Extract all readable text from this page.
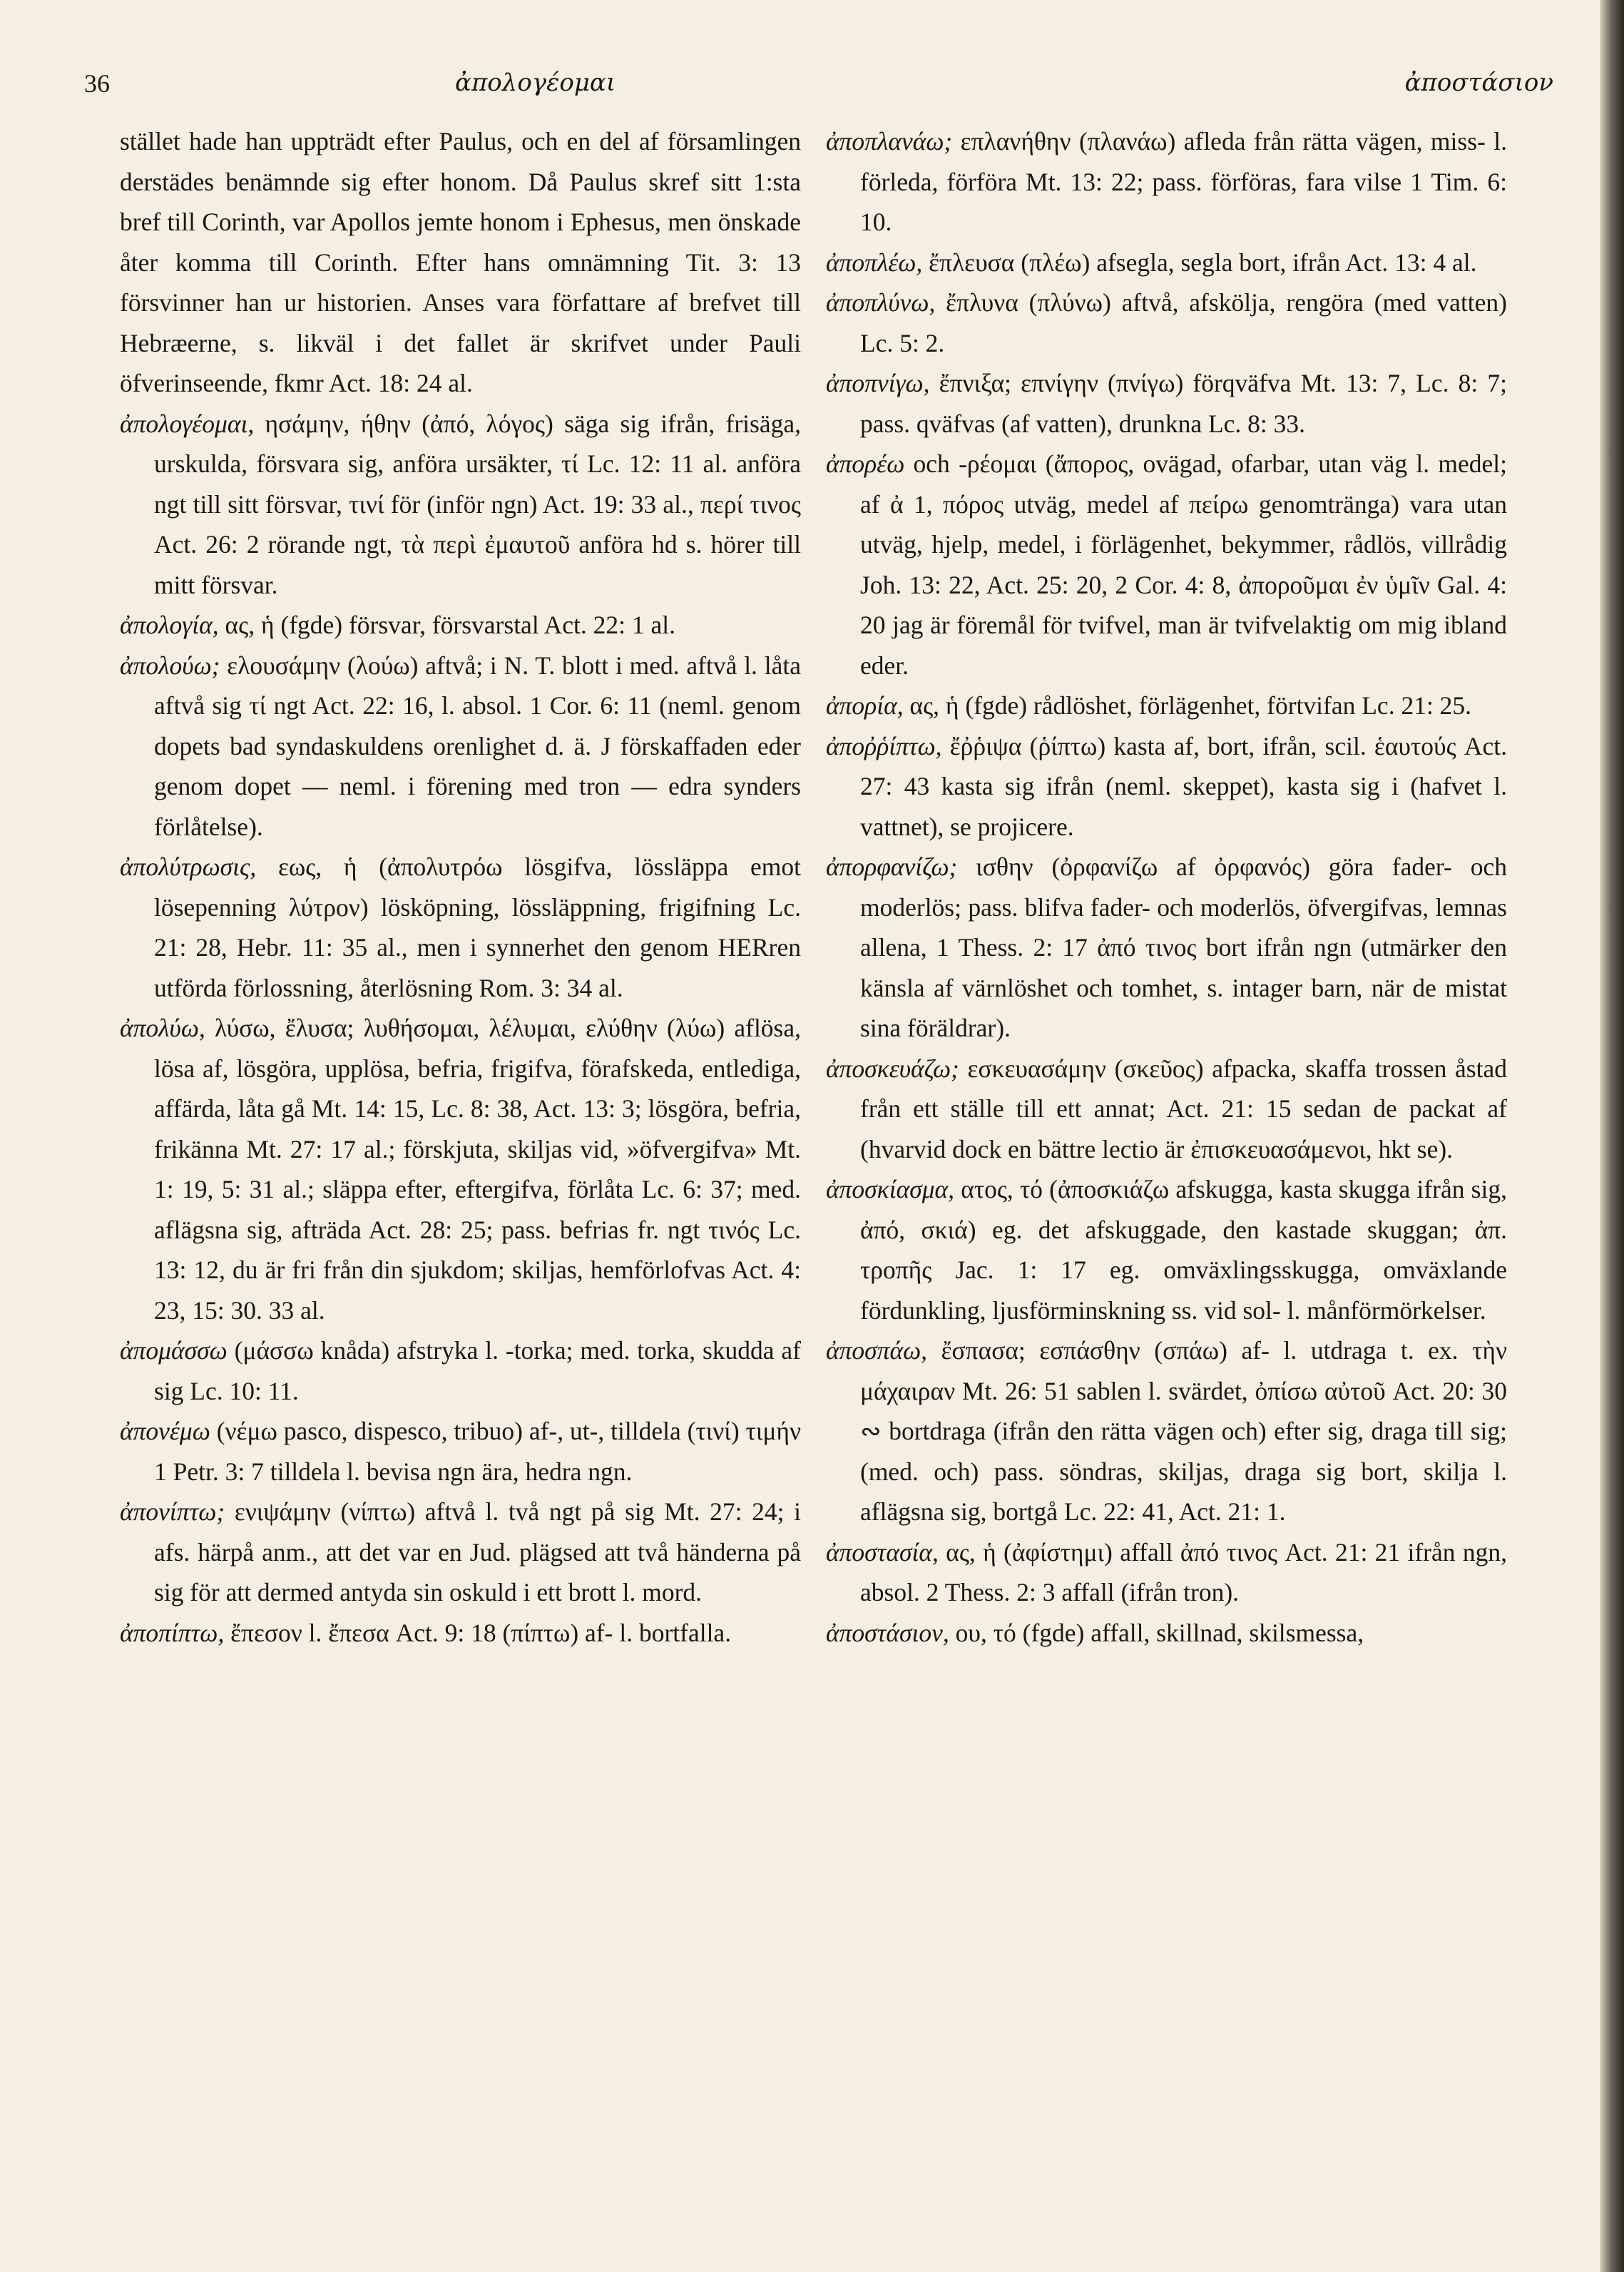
36	ἀπολογέομαι	ἀποστάσιον

stället hade han uppträdt efter Paulus, och en del af församlingen derstädes benämnde sig efter honom. Då Paulus skref sitt 1:sta bref till Corinth, var Apollos jemte honom i Ephesus, men önskade åter komma till Corinth. Efter hans omnämning Tit. 3: 13 försvinner han ur historien. Anses vara författare af brefvet till Hebræerne, s. likväl i det fallet är skrifvet under Pauli öfverinseende, fkmr Act. 18: 24 al.

ἀπολογέομαι, ησάμην, ήθην (ἀπό, λόγος) säga sig ifrån, frisäga, urskulda, försvara sig, anföra ursäkter, τί Lc. 12: 11 al. anföra ngt till sitt försvar, τινί för (inför ngn) Act. 19: 33 al., περί τινος Act. 26: 2 rörande ngt, τὰ περὶ ἐμαυτοῦ anföra hd s. hörer till mitt försvar.

ἀπολογία, ας, ἡ (fgde) försvar, försvarstal Act. 22: 1 al.

ἀπολούω; ελουσάμην (λούω) aftvå; i N. T. blott i med. aftvå l. låta aftvå sig τί ngt Act. 22: 16, l. absol. 1 Cor. 6: 11 (neml. genom dopets bad syndaskuldens orenlighet d. ä. J förskaffaden eder genom dopet — neml. i förening med tron — edra synders förlåtelse).

ἀπολύτρωσις, εως, ἡ (ἀπολυτρόω lösgifva, lössläppa emot lösepenning λύτρον) löskӧpning, lössläppning, frigifning Lc. 21: 28, Hebr. 11: 35 al., men i synnerhet den genom HERren utförda förlossning, återlösning Rom. 3: 34 al.

ἀπολύω, λύσω, ἔλυσα; λυθήσομαι, λέλυμαι, ελύθην (λύω) aflösa, lösa af, lösgöra, upplösa, befria, frigifva, förafskeda, entlediga, affärda, låta gå Mt. 14: 15, Lc. 8: 38, Act. 13: 3; lösgöra, befria, frikänna Mt. 27: 17 al.; förskjuta, skiljas vid, »öfvergifva» Mt. 1: 19, 5: 31 al.; släppa efter, eftergifva, förlåta Lc. 6: 37; med. aflägsna sig, afträda Act. 28: 25; pass. befrias fr. ngt τινός Lc. 13: 12, du är fri från din sjukdom; skiljas, hemförlofvas Act. 4: 23, 15: 30. 33 al.

ἀπομάσσω (μάσσω knåda) afstryka l. -torka; med. torka, skudda af sig Lc. 10: 11.

ἀπονέμω (νέμω pasco, dispesco, tribuo) af-, ut-, tilldela (τινί) τιμήν 1 Petr. 3: 7 tilldela l. bevisa ngn ära, hedra ngn.

ἀπονίπτω; ενιψάμην (νίπτω) aftvå l. två ngt på sig Mt. 27: 24; i afs. härpå anm., att det var en Jud. plägsed att två händerna på sig för att dermed antyda sin oskuld i ett brott l. mord.

ἀποπίπτω, ἔπεσον l. ἔπεσα Act. 9: 18 (πίπτω) af- l. bortfalla.

ἀποπλανάω; επλανήθην (πλανάω) afleda från rätta vägen, miss- l. förleda, förföra Mt. 13: 22; pass. förföras, fara vilse 1 Tim. 6: 10.

ἀποπλέω, ἔπλευσα (πλέω) afsegla, segla bort, ifrån Act. 13: 4 al.

ἀποπλύνω, ἔπλυνα (πλύνω) aftvå, afskölja, rengöra (med vatten) Lc. 5: 2.

ἀποπνίγω, ἔπνιξα; επνίγην (πνίγω) förqväfva Mt. 13: 7, Lc. 8: 7; pass. qväfvas (af vatten), drunkna Lc. 8: 33.

ἀπορέω och -ρέομαι (ἄπορος, ovägad, ofarbar, utan väg l. medel; af ἀ 1, πόρος utväg, medel af πείρω genomtränga) vara utan utväg, hjelp, medel, i förlägenhet, bekymmer, rådlös, villrådig Joh. 13: 22, Act. 25: 20, 2 Cor. 4: 8, ἀποροῦμαι ἐν ὑμῖν Gal. 4: 20 jag är föremål för tvifvel, man är tvifvelaktig om mig ibland eder.

ἀπορία, ας, ἡ (fgde) rådlöshet, förlägenhet, förtvifan Lc. 21: 25.

ἀποῤῥίπτω, ἔῤῥιψα (ῥίπτω) kasta af, bort, ifrån, scil. ἑαυτούς Act. 27: 43 kasta sig ifrån (neml. skeppet), kasta sig i (hafvet l. vattnet), se projicere.

ἀπορφανίζω; ισθην (ὀρφανίζω af ὀρφανός) göra fader- och moderlös; pass. blifva fader- och moderlös, öfvergifvas, lemnas allena, 1 Thess. 2: 17 ἀπό τινος bort ifrån ngn (utmärker den känsla af värnlöshet och tomhet, s. intager barn, när de mistat sina föräldrar).

ἀποσκευάζω; εσκευασάμην (σκεῦος) afpacka, skaffa trossen åstad från ett ställe till ett annat; Act. 21: 15 sedan de packat af (hvarvid dock en bättre lectio är ἐπισκευασάμενοι, hkt se).

ἀποσκίασμα, ατος, τό (ἀποσκιάζω afskugga, kasta skugga ifrån sig, ἀπό, σκιά) eg. det afskuggade, den kastade skuggan; ἀπ. τροπῆς Jac. 1: 17 eg. omväxlingsskugga, omväxlande fördunkling, ljusförminskning ss. vid sol- l. månförmörkelser.

ἀποσπάω, ἔσπασα; εσπάσθην (σπάω) af- l. utdraga t. ex. τὴν μάχαιραν Mt. 26: 51 sablen l. svärdet, ὀπίσω αὐτοῦ Act. 20: 30 ∾ bortdraga (ifrån den rätta vägen och) efter sig, draga till sig; (med. och) pass. söndras, skiljas, draga sig bort, skilja l. aflägsna sig, bortgå Lc. 22: 41, Act. 21: 1.

ἀποστασία, ας, ἡ (ἀφίστημι) affall ἀπό τινος Act. 21: 21 ifrån ngn, absol. 2 Thess. 2: 3 affall (ifrån tron).

ἀποστάσιον, ου, τό (fgde) affall, skillnad, skilsmessa,
